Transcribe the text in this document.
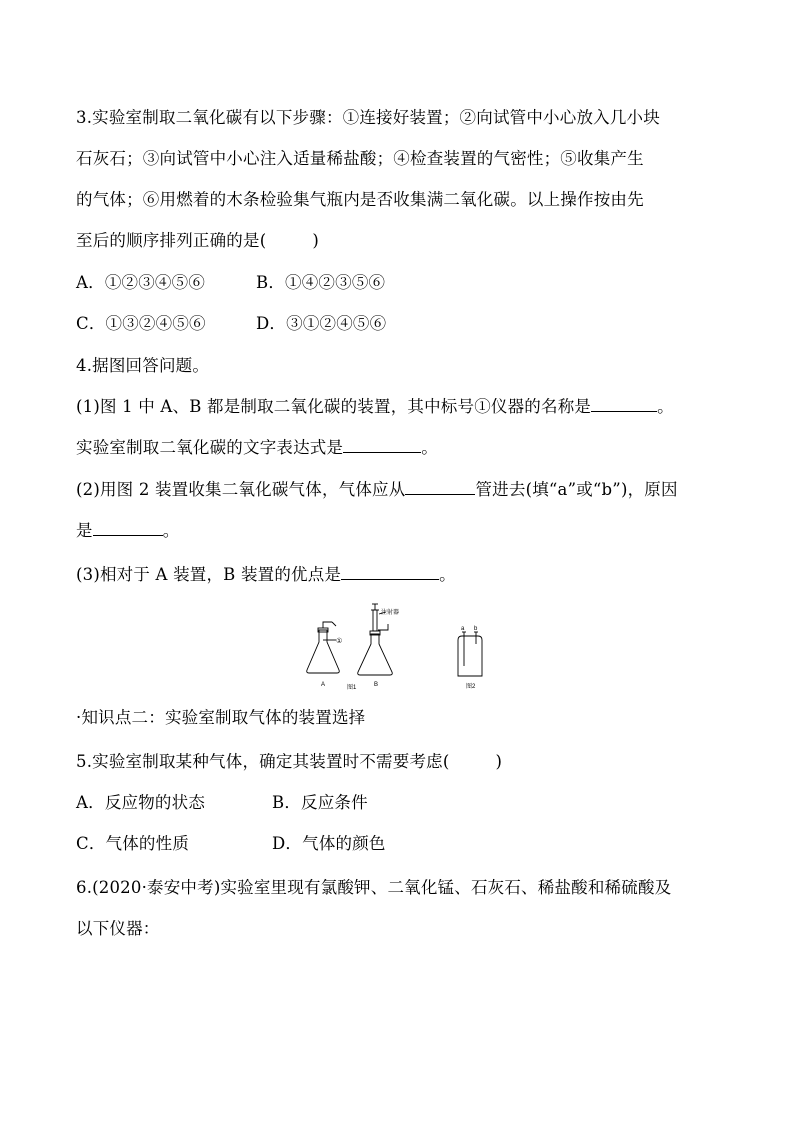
3.实验室制取二氧化碳有以下步骤：①连接好装置；②向试管中小心放入几小块
石灰石；③向试管中小心注入适量稀盐酸；④检查装置的气密性；⑤收集产生
的气体；⑥用燃着的木条检验集气瓶内是否收集满二氧化碳。以上操作按由先
至后的顺序排列正确的是(	)
A．①②③④⑤⑥	B．①④②③⑤⑥
C．①③②④⑤⑥	D．③①②④⑤⑥
4.据图回答问题。
(1)图 1 中 A、B 都是制取二氧化碳的装置，其中标号①仪器的名称是	。
实验室制取二氧化碳的文字表达式是	。
(2)用图 2 装置收集二氧化碳气体，气体应从	管进去(填“a”或“b”)，原因
是	。
(3)相对于 A 装置，B 装置的优点是	。
A	B
图1	图2
注射器
①
a b
·知识点二：实验室制取气体的装置选择
5.实验室制取某种气体，确定其装置时不需要考虑(	)
A．反应物的状态	B．反应条件
C．气体的性质	D．气体的颜色
6.(2020·泰安中考)实验室里现有氯酸钾、二氧化锰、石灰石、稀盐酸和稀硫酸及
以下仪器：
